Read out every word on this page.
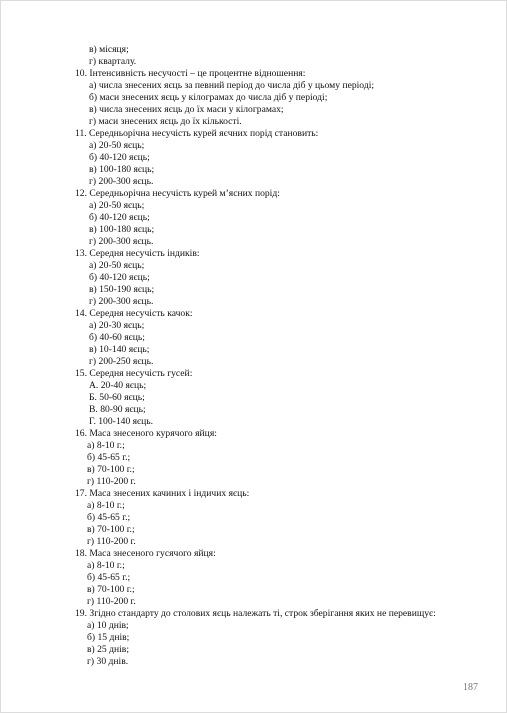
в) місяця;
г) кварталу.
10. Інтенсивність несучості – це процентне відношення:
а) числа знесених яєць за певний період до числа діб у цьому періоді;
б) маси знесених яєць у кілограмах до числа діб у періоді;
в) числа знесених яєць до їх маси у кілограмах;
г) маси знесених яєць до їх кількості.
11. Середньорічна несучість курей яєчних порід становить:
а) 20-50 яєць;
б) 40-120 яєць;
в) 100-180 яєць;
г) 200-300 яєць.
12. Середньорічна несучість курей м’ясних порід:
а) 20-50 яєць;
б) 40-120 яєць;
в) 100-180 яєць;
г) 200-300 яєць.
13. Середня несучість індиків:
а) 20-50 яєць;
б) 40-120 яєць;
в) 150-190 яєць;
г) 200-300 яєць.
14. Середня несучість качок:
а) 20-30 яєць;
б) 40-60 яєць;
в) 10-140 яєць;
г) 200-250 яєць.
15. Середня несучість гусей:
А. 20-40 яєць;
Б. 50-60 яєць;
В. 80-90 яєць;
Г. 100-140 яєць.
16. Маса знесеного курячого яйця:
а) 8-10 г.;
б) 45-65 г.;
в) 70-100 г.;
г) 110-200 г.
17. Маса знесених качиних і індичих яєць:
а) 8-10 г.;
б) 45-65 г.;
в) 70-100 г.;
г) 110-200 г.
18. Маса знесеного гусячого яйця:
а) 8-10 г.;
б) 45-65 г.;
в) 70-100 г.;
г) 110-200 г.
19. Згідно стандарту до столових яєць належать ті, строк зберігання яких не перевищує:
а) 10 днів;
б) 15 днів;
в) 25 днів;
г) 30 днів.
187
